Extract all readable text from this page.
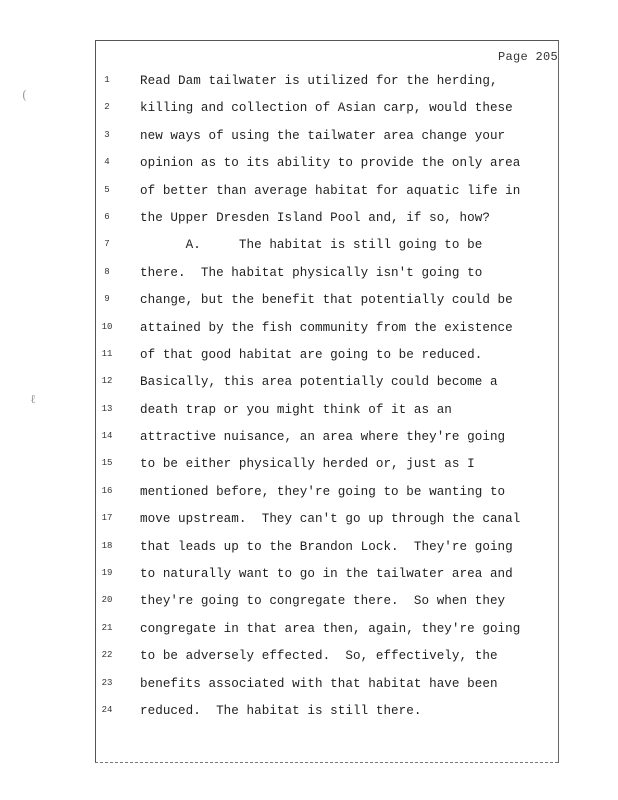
(
ℓ
Page 205
1	Read Dam tailwater is utilized for the herding,
2	killing and collection of Asian carp, would these
3	new ways of using the tailwater area change your
4	opinion as to its ability to provide the only area
5	of better than average habitat for aquatic life in
6	the Upper Dresden Island Pool and, if so, how?
7	A.     The habitat is still going to be
8	there.  The habitat physically isn't going to
9	change, but the benefit that potentially could be
10 attained by the fish community from the existence
11 of that good habitat are going to be reduced.
12 Basically, this area potentially could become a
13 death trap or you might think of it as an
14 attractive nuisance, an area where they're going
15 to be either physically herded or, just as I
16 mentioned before, they're going to be wanting to
17 move upstream.  They can't go up through the canal
18 that leads up to the Brandon Lock.  They're going
19 to naturally want to go in the tailwater area and
20 they're going to congregate there.  So when they
21 congregate in that area then, again, they're going
22 to be adversely effected.  So, effectively, the
23 benefits associated with that habitat have been
24 reduced.  The habitat is still there.
